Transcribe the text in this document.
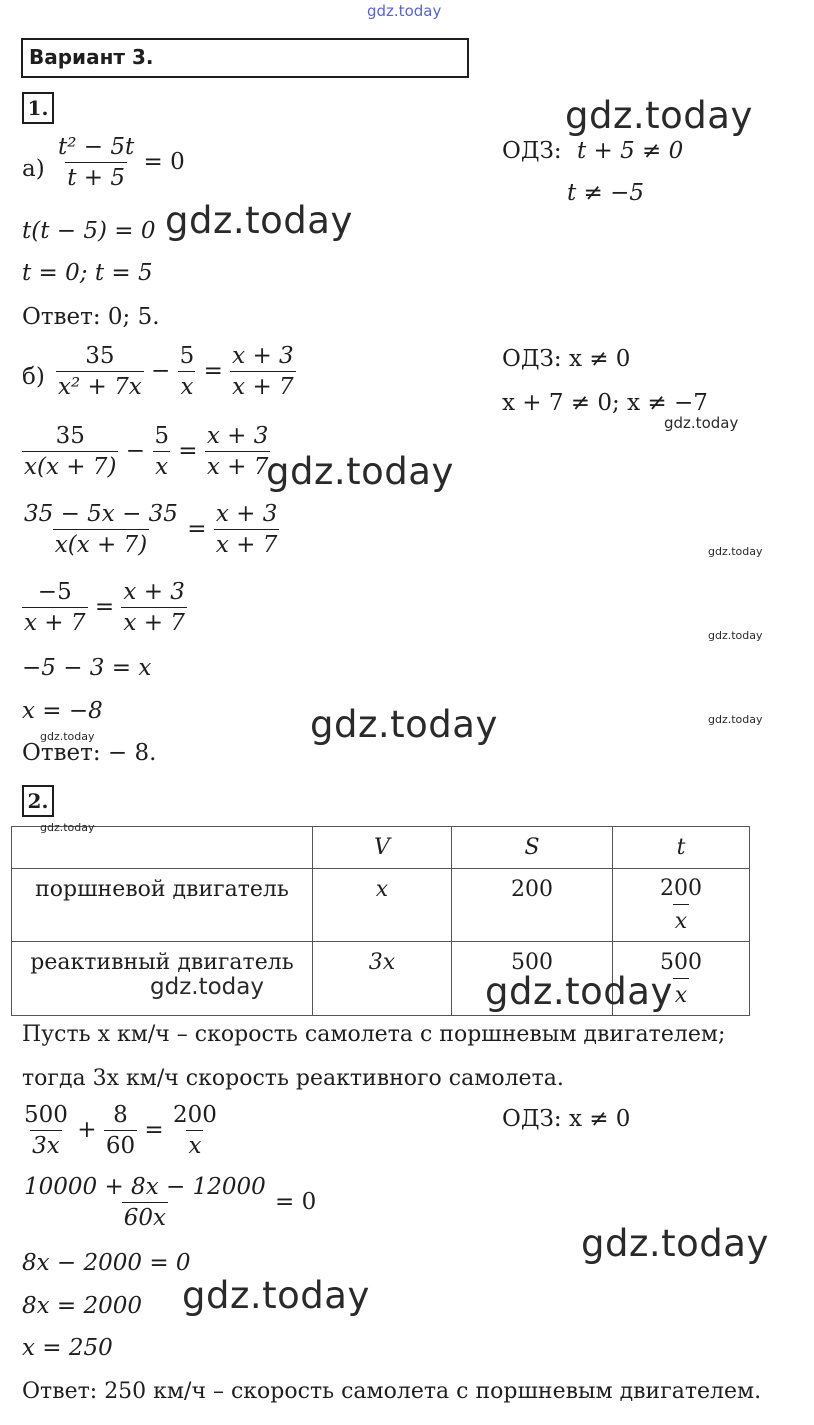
gdz.today
Вариант 3.
1.
$а) \frac{\text{t² − 5t}}{t + 5} = 0$	ОДЗ: t + 5 ≠ 0
t ≠ −5
t(t − 5) = 0
t = 0; t = 5
Ответ: 0; 5.
$б) \frac{35}{\text{x² + 7x}} - \frac{5}{x} = \frac{x + 3}{x + 7}$	ОДЗ: x ≠ 0
x + 7 ≠ 0; x ≠ −7
$\frac{35}{x(x + 7)} - \frac{5}{x} = \frac{x + 3}{x + 7}$
$\frac{35 - 5x - 35}{x(x + 7)} = \frac{x + 3}{x + 7}$
$\frac{-5}{x + 7} = \frac{x + 3}{x + 7}$
−5 − 3 = x
x = −8
Ответ: − 8.
2.
	V	S	t
поршневой двигатель	x	200	$\frac{200}{x}$

реактивный двигатель	3x	500	$\frac{500}{x}$
Пусть x км/ч – скорость самолета с поршневым двигателем;
тогда 3x км/ч скорость реактивного самолета.
$\frac{500}{3x} + \frac{8}{60} = \frac{200}{x}$	ОДЗ: x ≠ 0
$\frac{10000 + 8x - 12000}{60x} = 0$
8x − 2000 = 0
8x = 2000
x = 250
Ответ: 250 км/ч – скорость самолета с поршневым двигателем.
gdz.today
gdz.today
gdz.today
gdz.today
gdz.today
gdz.today
gdz.today	gdz.today
gdz.today
gdz.today
gdz.today	gdz.today
gdz.today
gdz.today
